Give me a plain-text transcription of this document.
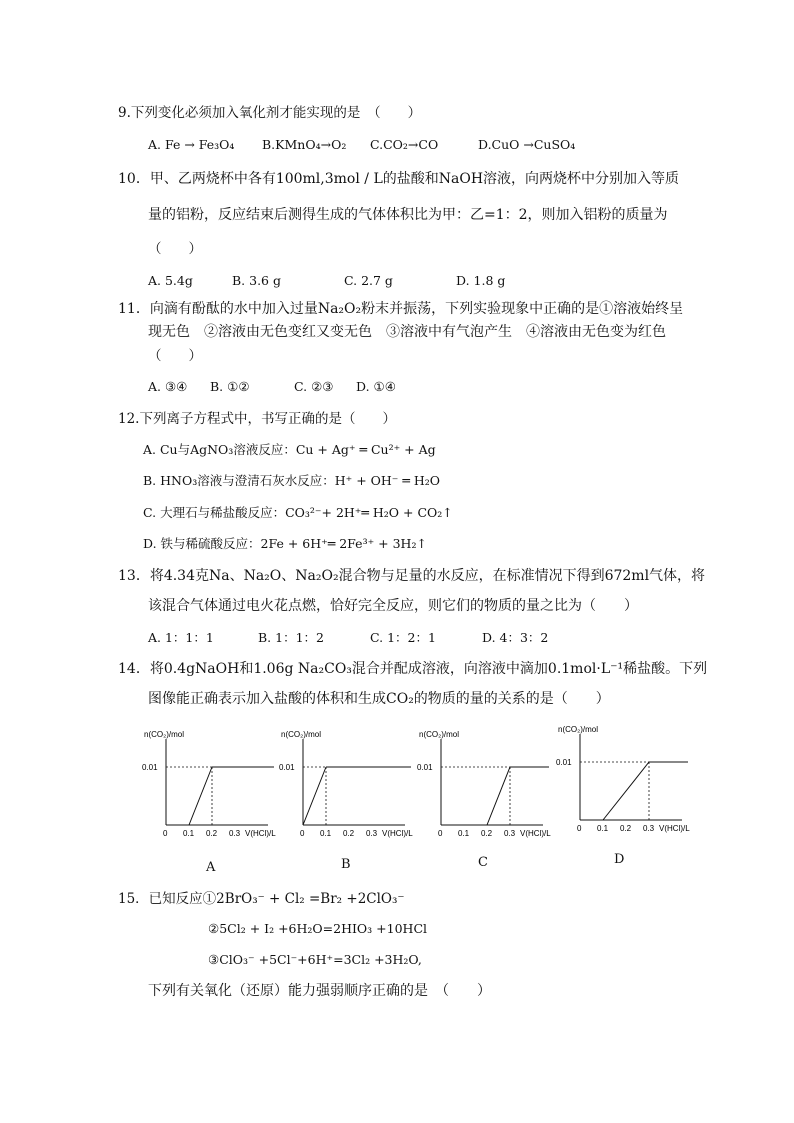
9.下列变化必须加入氧化剂才能实现的是　（　　）
A. Fe → Fe₃O₄ B.KMnO₄→O₂ C.CO₂→CO	D.CuO →CuSO₄
10．甲、乙两烧杯中各有100ml,3mol / L的盐酸和NaOH溶液，向两烧杯中分别加入等质
量的铝粉，反应结束后测得生成的气体体积比为甲：乙=1：2，则加入铝粉的质量为
（　　）
A. 5.4g	B. 3.6 g	C. 2.7 g	D. 1.8 g
11．向滴有酚酞的水中加入过量Na₂O₂粉末并振荡，下列实验现象中正确的是①溶液始终呈
现无色　②溶液由无色变红又变无色　③溶液中有气泡产生　④溶液由无色变为红色
（　　）
A. ③④ B. ①②	C. ②③ D. ①④
12.下列离子方程式中，书写正确的是（　　）
A. Cu与AgNO₃溶液反应：Cu + Ag⁺ ═ Cu²⁺ + Ag
B. HNO₃溶液与澄清石灰水反应：H⁺ + OH⁻ ═ H₂O
C. 大理石与稀盐酸反应：CO₃²⁻+ 2H⁺═ H₂O + CO₂↑
D. 铁与稀硫酸反应：2Fe + 6H⁺═ 2Fe³⁺ + 3H₂↑
13．将4.34克Na、Na₂O、Na₂O₂混合物与足量的水反应，在标准情况下得到672ml气体，将
该混合气体通过电火花点燃，恰好完全反应，则它们的物质的量之比为（　　）
A. 1：1：1	B. 1：1：2	C. 1：2：1	D. 4：3：2
14．将0.4gNaOH和1.06g Na₂CO₃混合并配成溶液，向溶液中滴加0.1mol·L⁻¹稀盐酸。下列
图像能正确表示加入盐酸的体积和生成CO₂的物质的量的关系的是（　　）
n(CO₂)/mol
0.01
0 0.1 0.2 0.3 V(HCl)/L
n(CO₂)/mol
0.01
0 0.1 0.2 0.3 V(HCl)/L
n(CO₂)/mol
0.01
0 0.1 0.2 0.3 V(HCl)/L
n(CO₂)/mol
0.01
0 0.1 0.2 0.3 V(HCl)/L
A	B	C	D
15．已知反应①2BrO₃⁻ + Cl₂ =Br₂ +2ClO₃⁻
②5Cl₂ + I₂ +6H₂O=2HIO₃ +10HCl
③ClO₃⁻ +5Cl⁻+6H⁺=3Cl₂ +3H₂O,
下列有关氧化（还原）能力强弱顺序正确的是　（　　）
